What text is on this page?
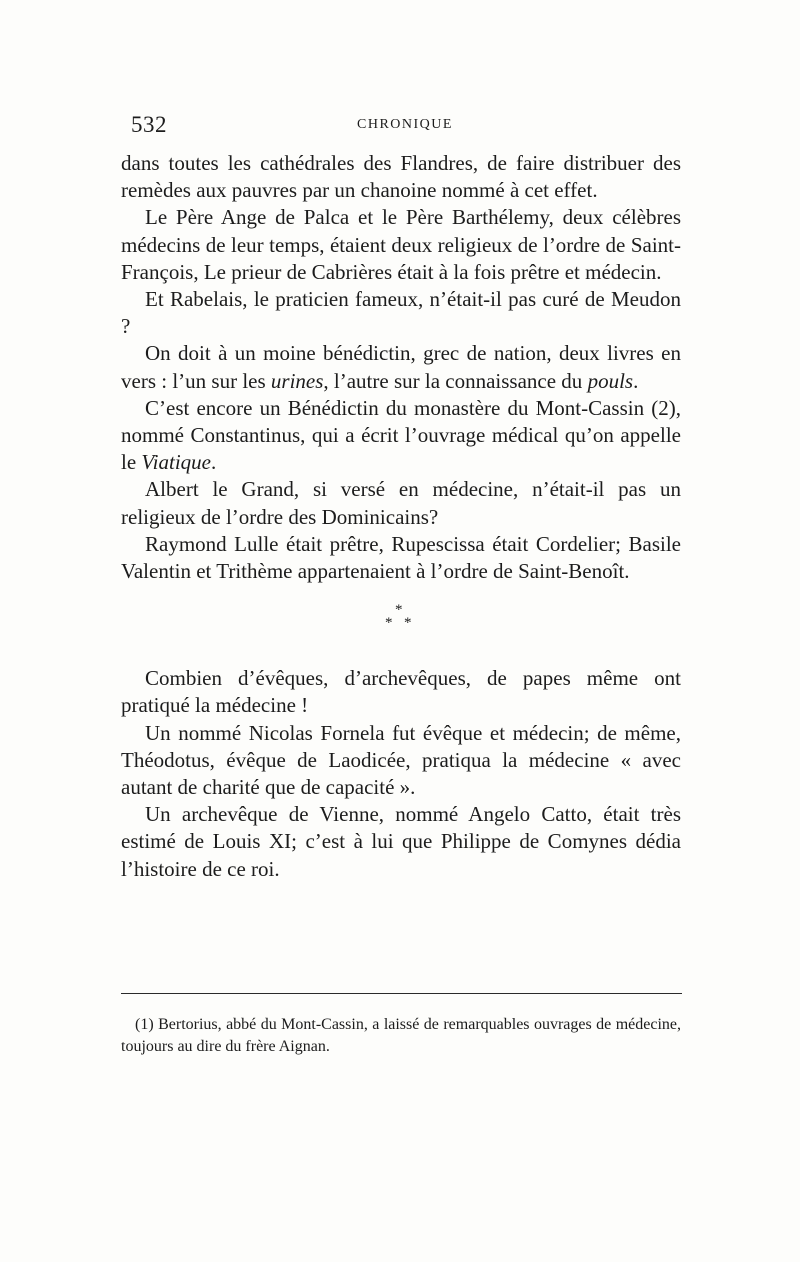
532	CHRONIQUE

dans toutes les cathédrales des Flandres, de faire distribuer des remèdes aux pauvres par un chanoine nommé à cet effet.

Le Père Ange de Palca et le Père Barthélemy, deux célèbres médecins de leur temps, étaient deux religieux de l’ordre de Saint-François, Le prieur de Cabrières était à la fois prêtre et médecin.

Et Rabelais, le praticien fameux, n’était-il pas curé de Meudon ?

On doit à un moine bénédictin, grec de nation, deux livres en vers : l’un sur les urines, l’autre sur la connaissance du pouls.

C’est encore un Bénédictin du monastère du Mont-Cassin (2), nommé Constantinus, qui a écrit l’ouvrage médical qu’on appelle le Viatique.

Albert le Grand, si versé en médecine, n’était-il pas un religieux de l’ordre des Dominicains?

Raymond Lulle était prêtre, Rupescissa était Cordelier; Basile Valentin et Trithème appartenaient à l’ordre de Saint-Benoît.

*
* *

Combien d’évêques, d’archevêques, de papes même ont pratiqué la médecine !

Un nommé Nicolas Fornela fut évêque et médecin; de même, Théodotus, évêque de Laodicée, pratiqua la médecine « avec autant de charité que de capacité ».

Un archevêque de Vienne, nommé Angelo Catto, était très estimé de Louis XI; c’est à lui que Philippe de Comynes dédia l’histoire de ce roi.

(1) Bertorius, abbé du Mont-Cassin, a laissé de remarquables ouvrages de médecine, toujours au dire du frère Aignan.
